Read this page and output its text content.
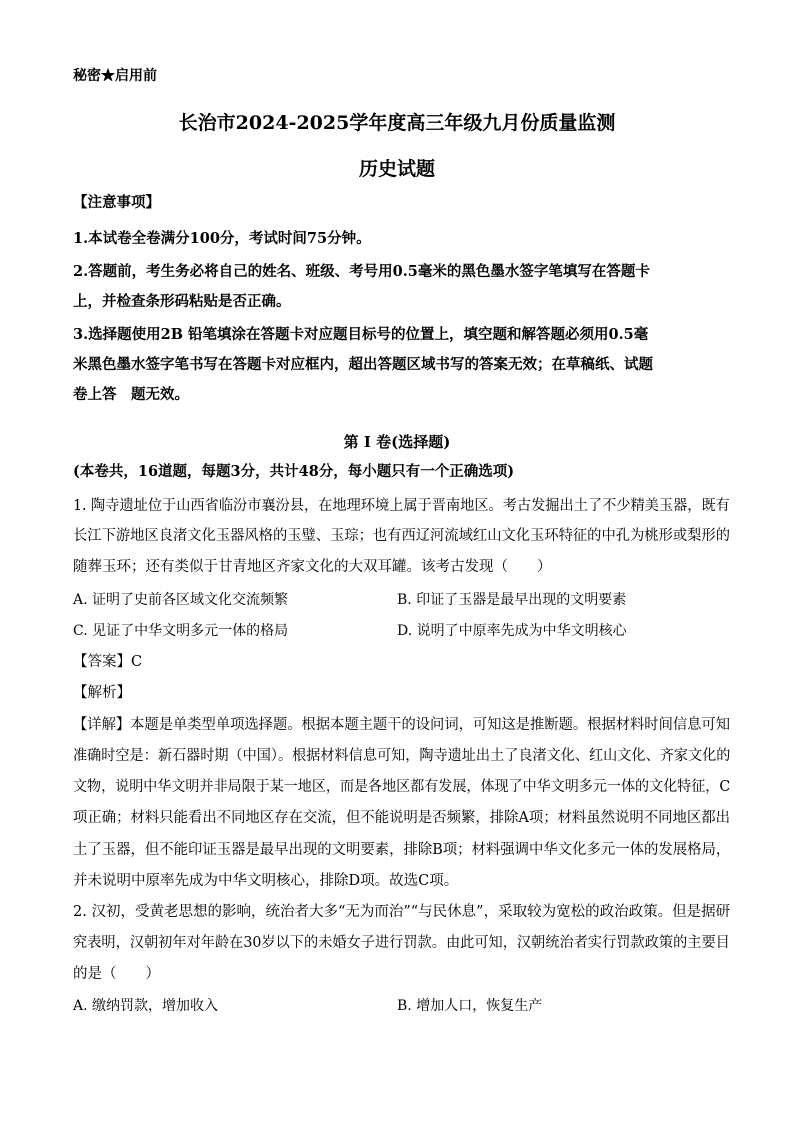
秘密★启用前
长治市2024-2025学年度高三年级九月份质量监测
历史试题
【注意事项】
1.本试卷全卷满分100分，考试时间75分钟。
2.答题前，考生务必将自己的姓名、班级、考号用0.5毫米的黑色墨水签字笔填写在答题卡
上，并检查条形码粘贴是否正确。
3.选择题使用2B 铅笔填涂在答题卡对应题目标号的位置上，填空题和解答题必须用0.5毫
米黑色墨水签字笔书写在答题卡对应框内，超出答题区域书写的答案无效；在草稿纸、试题
卷上答　题无效。
第 I 卷(选择题)
(本卷共，16道题，每题3分，共计48分，每小题只有一个正确选项)
1. 陶寺遗址位于山西省临汾市襄汾县，在地理环境上属于晋南地区。考古发掘出土了不少精美玉器，既有
长江下游地区良渚文化玉器风格的玉璧、玉琮；也有西辽河流域红山文化玉环特征的中孔为桃形或梨形的
随葬玉环；还有类似于甘青地区齐家文化的大双耳罐。该考古发现（　　）
A. 证明了史前各区域文化交流频繁	B. 印证了玉器是最早出现的文明要素
C. 见证了中华文明多元一体的格局	D. 说明了中原率先成为中华文明核心
【答案】C
【解析】
【详解】本题是单类型单项选择题。根据本题主题干的设问词，可知这是推断题。根据材料时间信息可知
准确时空是：新石器时期（中国）。根据材料信息可知，陶寺遗址出土了良渚文化、红山文化、齐家文化的
文物，说明中华文明并非局限于某一地区，而是各地区都有发展，体现了中华文明多元一体的文化特征，C
项正确；材料只能看出不同地区存在交流，但不能说明是否频繁，排除A项；材料虽然说明不同地区都出
土了玉器，但不能印证玉器是最早出现的文明要素，排除B项；材料强调中华文化多元一体的发展格局，
并未说明中原率先成为中华文明核心，排除D项。故选C项。
2. 汉初，受黄老思想的影响，统治者大多“无为而治”“与民休息”，采取较为宽松的政治政策。但是据研
究表明，汉朝初年对年龄在30岁以下的未婚女子进行罚款。由此可知，汉朝统治者实行罚款政策的主要目
的是（　　）
A. 缴纳罚款，增加收入	B. 增加人口，恢复生产
